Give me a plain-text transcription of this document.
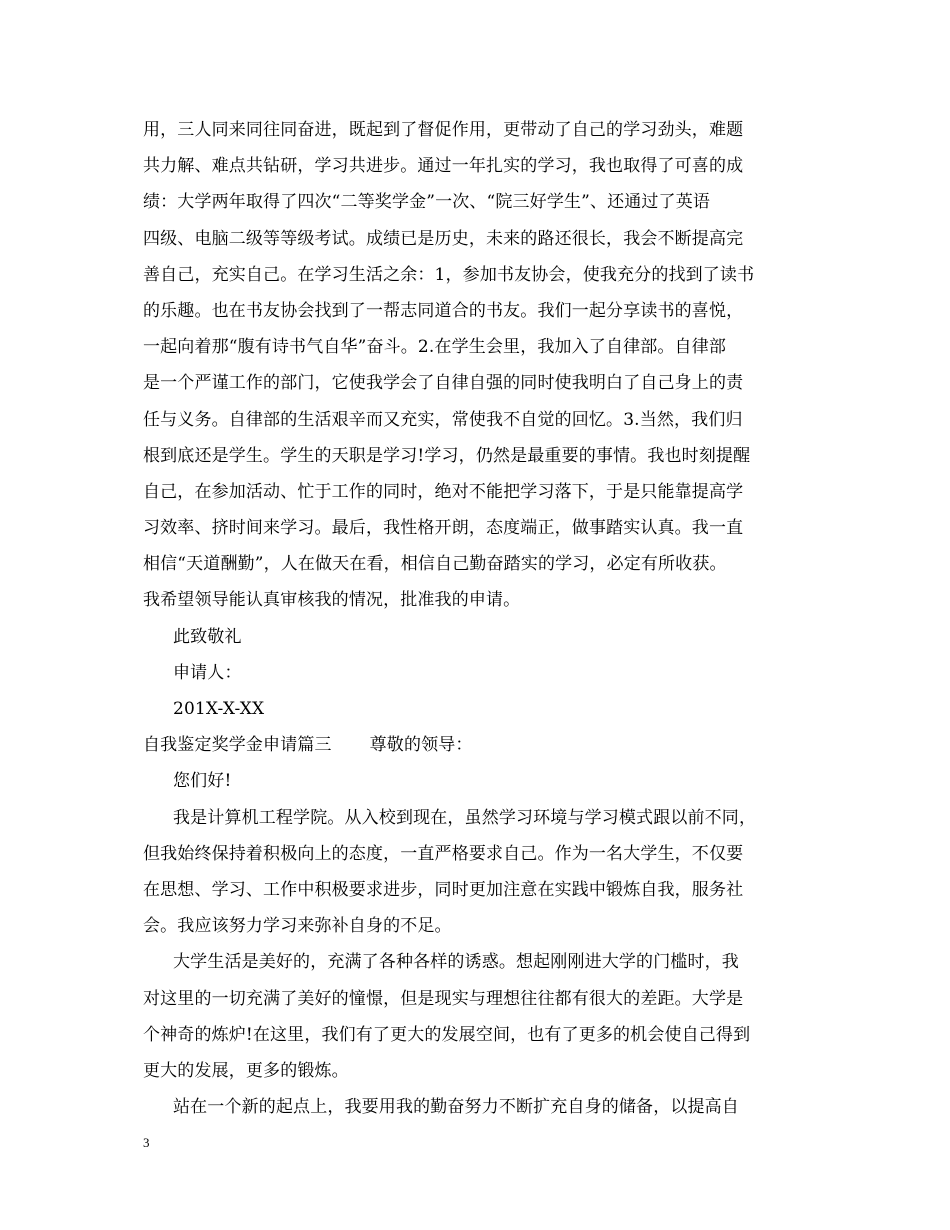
用，三人同来同往同奋进，既起到了督促作用，更带动了自己的学习劲头，难题
共力解、难点共钻研，学习共进步。通过一年扎实的学习，我也取得了可喜的成
绩：大学两年取得了四次“二等奖学金”一次、“院三好学生”、还通过了英语
四级、电脑二级等等级考试。成绩已是历史，未来的路还很长，我会不断提高完
善自己，充实自己。在学习生活之余：1，参加书友协会，使我充分的找到了读书
的乐趣。也在书友协会找到了一帮志同道合的书友。我们一起分享读书的喜悦，
一起向着那“腹有诗书气自华”奋斗。2.在学生会里，我加入了自律部。自律部
是一个严谨工作的部门，它使我学会了自律自强的同时使我明白了自己身上的责
任与义务。自律部的生活艰辛而又充实，常使我不自觉的回忆。3.当然，我们归
根到底还是学生。学生的天职是学习!学习，仍然是最重要的事情。我也时刻提醒
自己，在参加活动、忙于工作的同时，绝对不能把学习落下，于是只能靠提高学
习效率、挤时间来学习。最后，我性格开朗，态度端正，做事踏实认真。我一直
相信“天道酬勤”，人在做天在看，相信自己勤奋踏实的学习，必定有所收获。
我希望领导能认真审核我的情况，批准我的申请。
此致敬礼
申请人：
201X-X-XX
自我鉴定奖学金申请篇三 尊敬的领导：
您们好!
我是计算机工程学院。从入校到现在，虽然学习环境与学习模式跟以前不同，
但我始终保持着积极向上的态度，一直严格要求自己。作为一名大学生，不仅要
在思想、学习、工作中积极要求进步，同时更加注意在实践中锻炼自我，服务社
会。我应该努力学习来弥补自身的不足。
大学生活是美好的，充满了各种各样的诱惑。想起刚刚进大学的门槛时，我
对这里的一切充满了美好的憧憬，但是现实与理想往往都有很大的差距。大学是
个神奇的炼炉!在这里，我们有了更大的发展空间，也有了更多的机会使自己得到
更大的发展，更多的锻炼。
站在一个新的起点上，我要用我的勤奋努力不断扩充自身的储备，以提高自
3
